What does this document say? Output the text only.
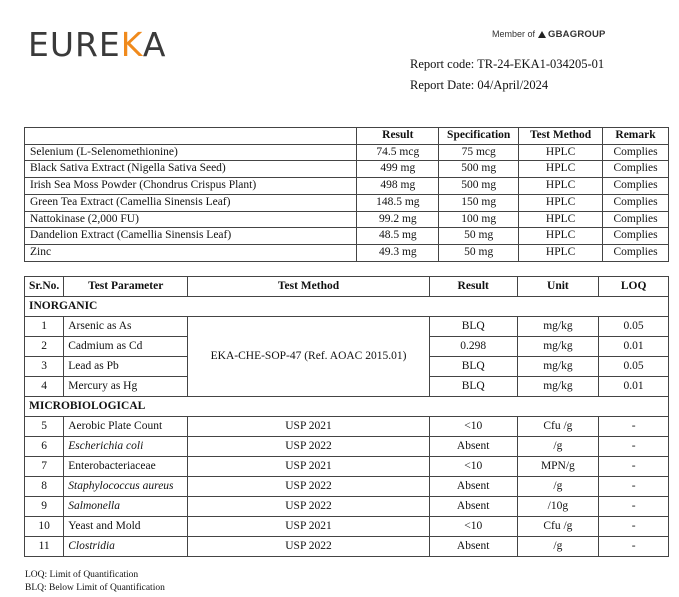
EUREKA	Member of GBAGROUP
Report code: TR-24-EKA1-034205-01
Report Date: 04/April/2024
	Result	Specification	Test Method	Remark
Selenium (L-Selenomethionine)	74.5 mcg	75 mcg	HPLC	Complies
Black Sativa Extract (Nigella Sativa Seed)	499 mg	500 mg	HPLC	Complies
Irish Sea Moss Powder (Chondrus Crispus Plant)	498 mg	500 mg	HPLC	Complies
Green Tea Extract (Camellia Sinensis Leaf)	148.5 mg	150 mg	HPLC	Complies
Nattokinase (2,000 FU)	99.2 mg	100 mg	HPLC	Complies
Dandelion Extract (Camellia Sinensis Leaf)	48.5 mg	50 mg	HPLC	Complies
Zinc	49.3 mg	50 mg	HPLC	Complies
Sr.No.	Test Parameter	Test Method	Result	Unit	LOQ
INORGANIC					
1	Arsenic as As	EKA-CHE-SOP-47 (Ref. AOAC 2015.01)	BLQ	mg/kg	0.05
2	Cadmium as Cd		0.298	mg/kg	0.01
3	Lead as Pb		BLQ	mg/kg	0.05
4	Mercury as Hg		BLQ	mg/kg	0.01
MICROBIOLOGICAL					
5	Aerobic Plate Count	USP 2021	<10	Cfu /g	-
6	Escherichia coli	USP 2022	Absent	/g	-
7	Enterobacteriaceae	USP 2021	<10	MPN/g	-
8	Staphylococcus aureus	USP 2022	Absent	/g	-
9	Salmonella	USP 2022	Absent	/10g	-
10	Yeast and Mold	USP 2021	<10	Cfu /g	-
11	Clostridia	USP 2022	Absent	/g	-
LOQ: Limit of Quantification
BLQ: Below Limit of Quantification
